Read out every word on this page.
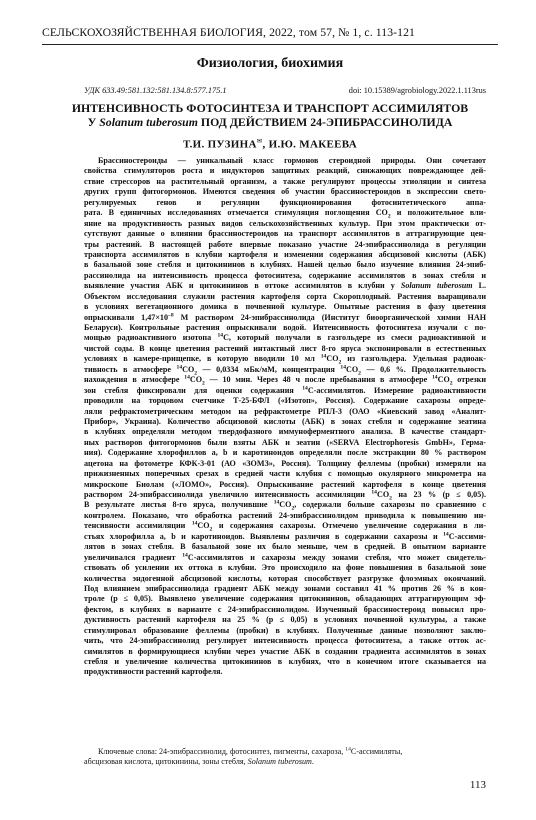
СЕЛЬСКОХОЗЯЙСТВЕННАЯ БИОЛОГИЯ, 2022, том 57, № 1, с. 113-121
Физиология, биохимия
УДК 633.49:581.132:581.134.8:577.175.1	doi: 10.15389/agrobiology.2022.1.113rus
ИНТЕНСИВНОСТЬ ФОТОСИНТЕЗА И ТРАНСПОРТ АССИМИЛЯТОВ
У Solanum tuberosum ПОД ДЕЙСТВИЕМ 24-ЭПИБРАССИНОЛИДА
Т.И. ПУЗИНА✉, И.Ю. МАКЕЕВА
Брассиностероиды — уникальный класс гормонов стероидной природы. Они сочетают
свойства стимуляторов роста и индукторов защитных реакций, снижающих повреждающее дей-
ствие стрессоров на растительный организм, а также регулируют процессы этиоляции и синтеза
других групп фитогормонов. Имеются сведения об участии брассиностероидов в экспрессии свето-
регулируемых генов и регуляции функционирования фотосинтетического аппа-
рата. В единичных исследованиях отмечается стимуляция поглощения $CO_2$ и положительное вли-
яние на продуктивность разных видов сельскохозяйственных культур. При этом практически от-
сутствуют данные о влиянии брассиностероидов на транспорт ассимилятов в аттрагирующие цен-
тры растений. В настоящей работе впервые показано участие 24-эпибрассинолида в регуляции
транспорта ассимилятов в клубни картофеля и изменении содержания абсцизовой кислоты (АБК)
в базальной зоне стебля и цитокининов в клубнях. Нашей целью было изучение влияния 24-эпиб-
рассинолида на интенсивность процесса фотосинтеза, содержание ассимилятов в зонах стебля и
выявление участия АБК и цитокининов в оттоке ассимилятов в клубни у Solanum tuberosum L.
Объектом исследования служили растения картофеля сорта Скороплодный. Растения выращивали
в условиях вегетационного домика в почвенной культуре. Опытные растения в фазу цветения
опрыскивали $1,47\times 10^{-8}$ М раствором 24-эпибрассинолида (Институт биоорганической химии НАН
Беларуси). Контрольные растения опрыскивали водой. Интенсивность фотосинтеза изучали с по-
мощью радиоактивного изотопа $^{14}$С, который получали в газгольдере из смеси радиоактивной и
чистой соды. В конце цветения растений интактный лист 8-го яруса экспонировали в естественных
условиях в камере-прищепке, в которую вводили 10 мл $^{14}CO_2$ из газгольдера. Удельная радиоак-
тивность в атмосфере $^{14}CO_2$ — 0,0334 мБк/мМ, концентрация $^{14}CO_2$ — 0,6 %. Продолжительность
нахождения в атмосфере $^{14}CO_2$ — 10 мин. Через 48 ч после пребывания в атмосфере $^{14}CO_2$ отрезки
зон стебля фиксировали для оценки содержания $^{14}$С-ассимилятов. Измерение радиоактивности
проводили на торцовом счетчике Т-25-БФЛ («Изотоп», Россия). Содержание сахарозы опреде-
ляли рефрактометрическим методом на рефрактометре РПЛ-3 (ОАО «Киевский завод «Аналит-
Прибор», Украина). Количество абсцизовой кислоты (АБК) в зонах стебля и содержание зеатина
в клубнях определяли методом твердофазного иммуноферментного анализа. В качестве стандарт-
ных растворов фитогормонов были взяты АБК и зеатин («SERVA Electrophoresis GmbH», Герма-
ния). Содержание хлорофиллов а, b и каротиноидов определяли после экстракции 80 % раствором
ацетона на фотометре КФК-3-01 (АО «ЗОМЗ», Россия). Толщину феллемы (пробки) измеряли на
прижизненных поперечных срезах в средней части клубня с помощью окулярного микрометра на
микроскопе Биолам («ЛОМО», Россия). Опрыскивание растений картофеля в конце цветения
раствором 24-эпибрассинолида увеличило интенсивность ассимиляции $^{14}CO_2$ на 23 % (p ≤ 0,05).
В результате листья 8-го яруса, получившие $^{14}CO_2$, содержали больше сахарозы по сравнению с
контролем. Показано, что обработка растений 24-эпибрассинолидом приводила к повышению ин-
тенсивности ассимиляции $^{14}CO_2$ и содержания сахарозы. Отмечено увеличение содержания в ли-
стьях хлорофилла a, b и каротиноидов. Выявлены различия в содержании сахарозы и $^{14}$С-ассими-
лятов в зонах стебля. В базальной зоне их было меньше, чем в средней. В опытном варианте
увеличивался градиент $^{14}$С-ассимилятов и сахарозы между зонами стебля, что может свидетель-
ствовать об усилении их оттока в клубни. Это происходило на фоне повышения в базальной зоне
количества эндогенной абсцизовой кислоты, которая способствует разгрузке флоэмных окончаний.
Под влиянием эпибрассинолида градиент АБК между зонами составил 41 % против 26 % в кон-
троле (p ≤ 0,05). Выявлено увеличение содержания цитокининов, обладающих аттрагирующим эф-
фектом, в клубнях в варианте с 24-эпибрассинолидом. Изученный брассиностероид повысил про-
дуктивность растений картофеля на 25 % (p ≤ 0,05) в условиях почвенной культуры, а также
стимулировал образование феллемы (пробки) в клубнях. Полученные данные позволяют заклю-
чить, что 24-эпибрассинолид регулирует интенсивность процесса фотосинтеза, а также отток ас-
симилятов в формирующиеся клубни через участие АБК в создании градиента ассимилятов в зонах
стебля и увеличение количества цитокининов в клубнях, что в конечном итоге сказывается на
продуктивности растений картофеля.
Ключевые слова: 24-эпибрассинолид, фотосинтез, пигменты, сахароза, $^{14}$С-ассимиляты,
абсцизовая кислота, цитокинины, зоны стебля, Solanum tuberosum.
113
